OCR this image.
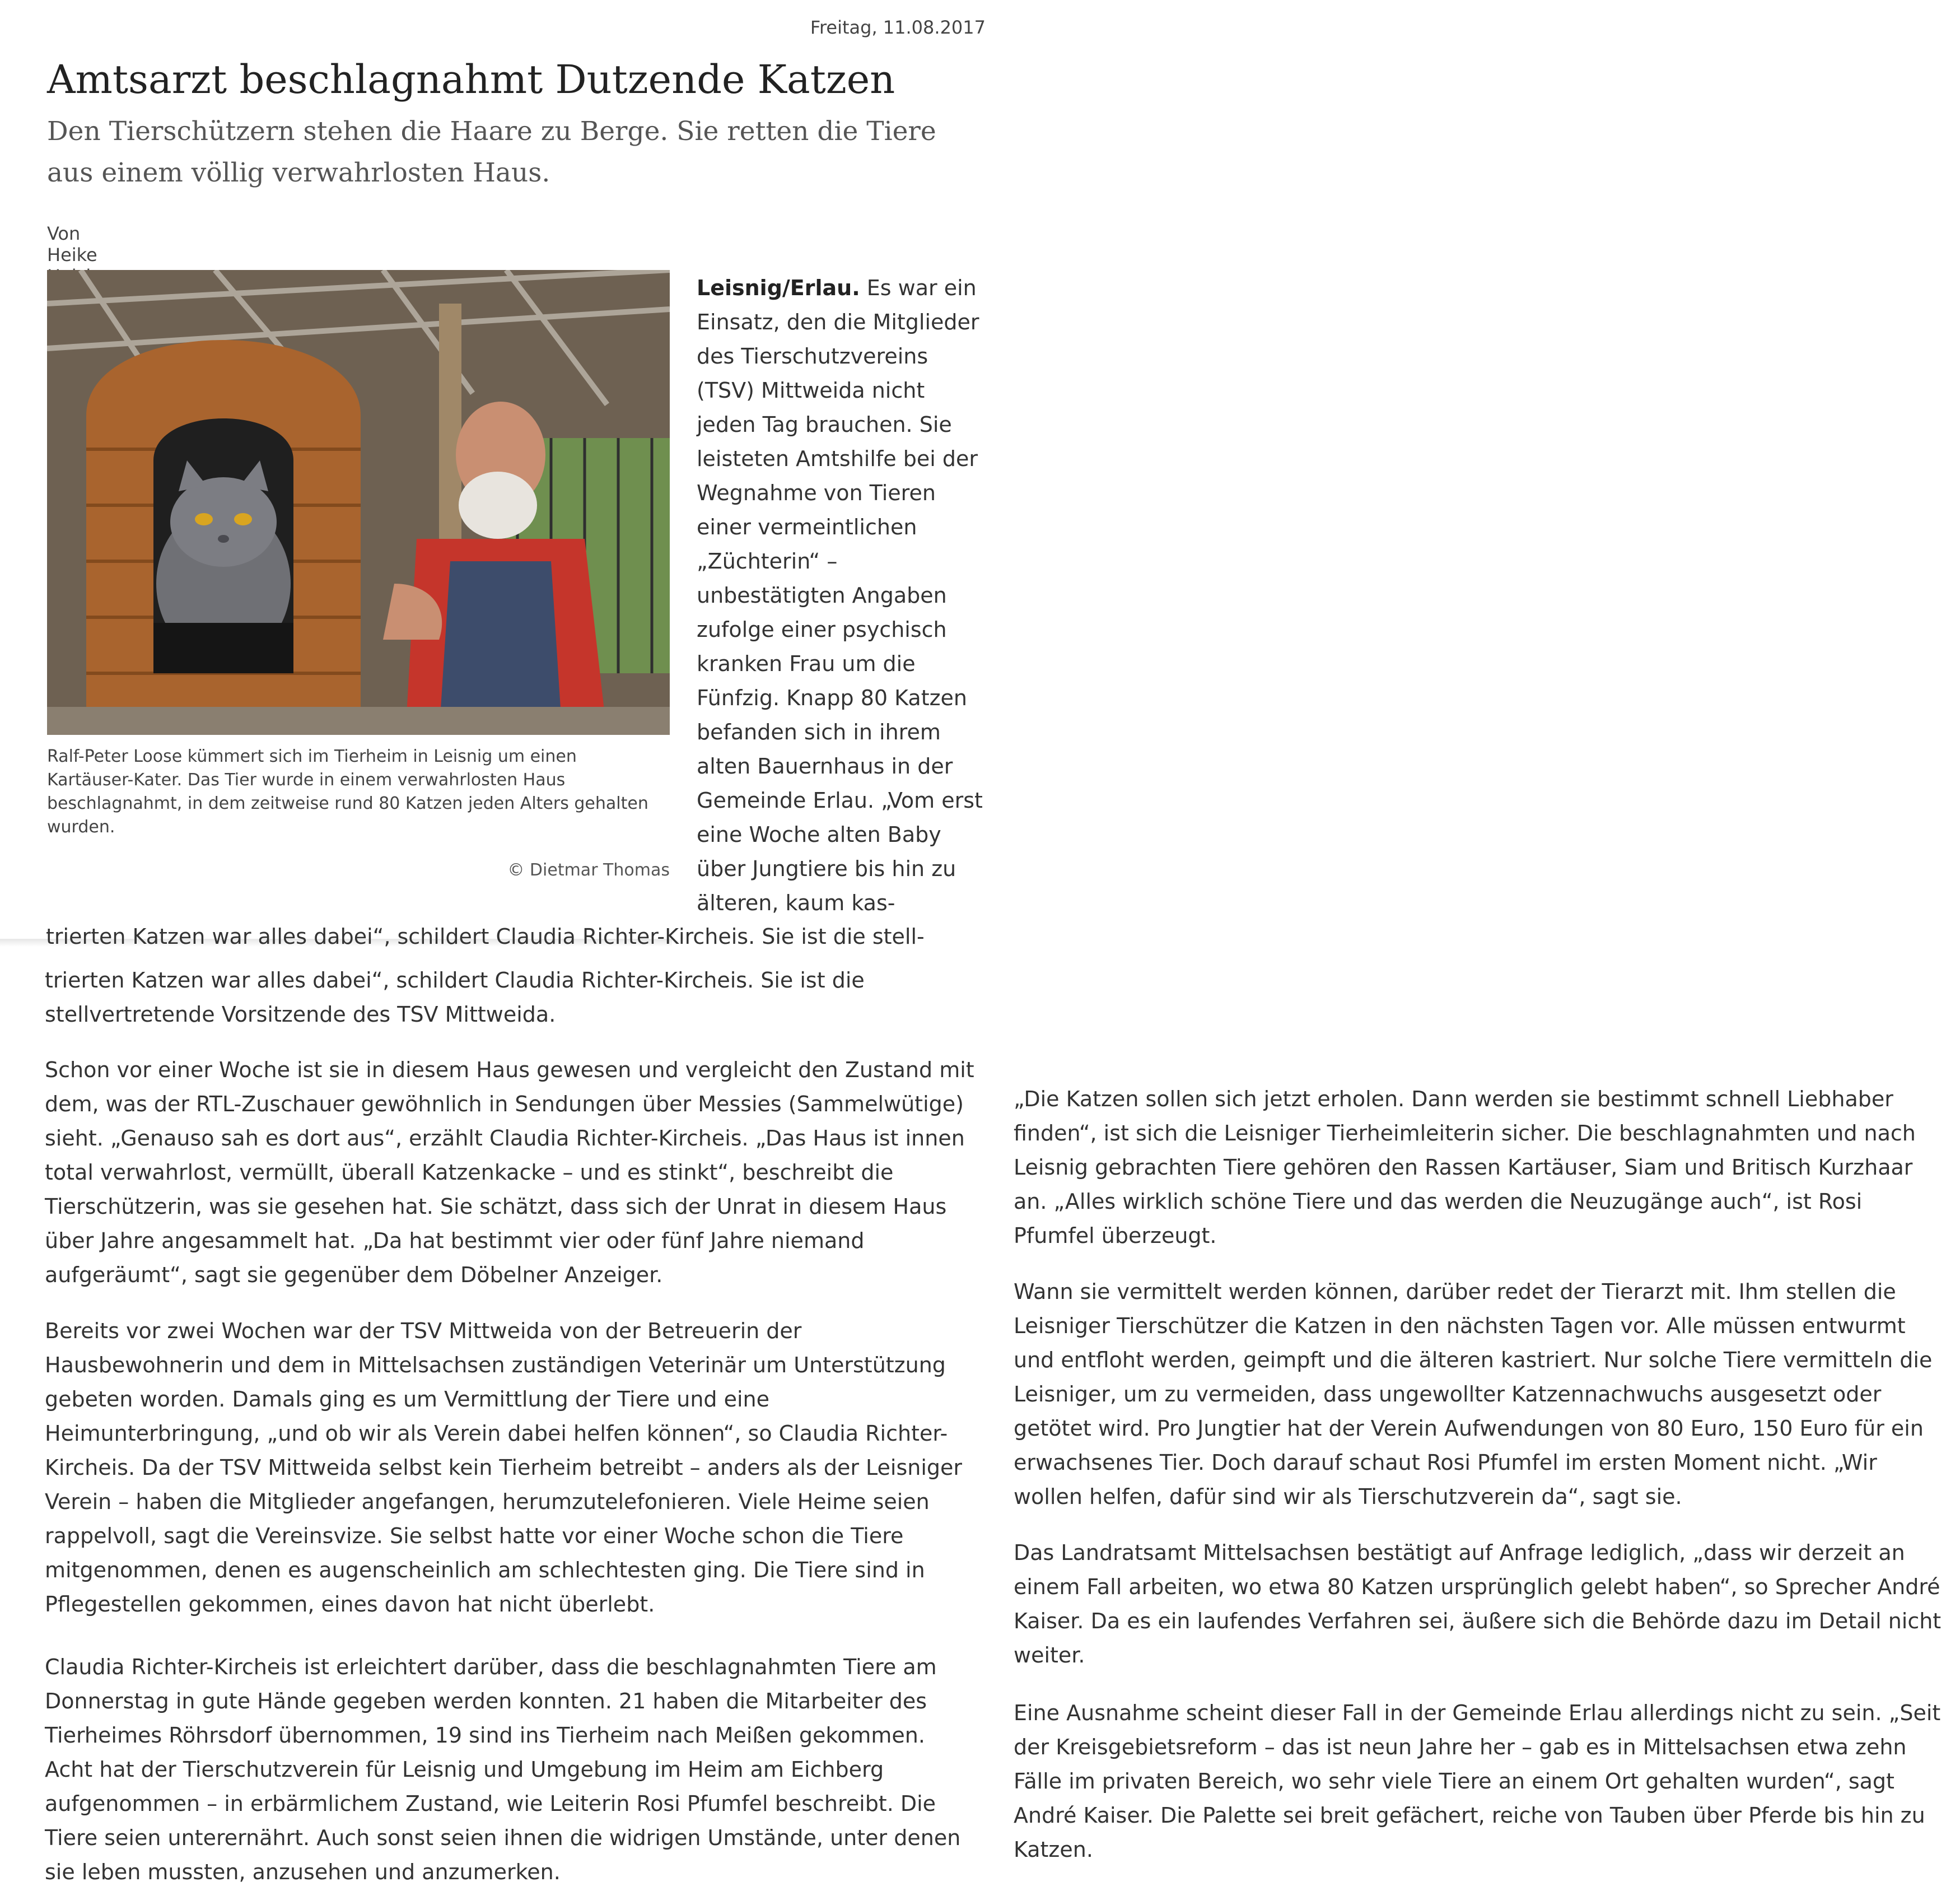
Freitag, 11.08.2017
Amtsarzt beschlagnahmt Dutzende Katzen
Den Tierschützern stehen die Haare zu Berge. Sie retten die Tiere aus einem völlig verwahrlosten Haus.
Von Heike
Ralf-Peter Loose kümmert sich im Tierheim in Leisnig um einen Kartäuser-Kater. Das Tier wurde in einem verwahrlosten Haus beschlagnahmt, in dem zeitweise rund 80 Katzen jeden Alters gehalten wurden.
© Dietmar Thomas
Leisnig/Erlau. Es war ein Einsatz, den die Mitglieder des Tierschutzvereins (TSV) Mittweida nicht jeden Tag brauchen. Sie leisteten Amtshilfe bei der Wegnahme von Tieren einer vermeintlichen „Züchterin“ – unbestätigten Angaben zufolge einer psychisch kranken Frau um die Fünfzig. Knapp 80 Katzen befanden sich in ihrem alten Bauernhaus in der Gemeinde Erlau. „Vom erst eine Woche alten Baby über Jungtiere bis hin zu älteren, kaum kas-
trierten Katzen war alles dabei“, schildert Claudia Richter-Kircheis. Sie ist die stell-

trierten Katzen war alles dabei“, schildert Claudia Richter-Kircheis. Sie ist die stellvertretende Vorsitzende des TSV Mittweida.

Schon vor einer Woche ist sie in diesem Haus gewesen und vergleicht den Zustand mit dem, was der RTL-Zuschauer gewöhnlich in Sendungen über Messies (Sammelwütige) sieht. „Genauso sah es dort aus“, erzählt Claudia Richter-Kircheis. „Das Haus ist innen total verwahrlost, vermüllt, überall Katzenkacke – und es stinkt“, beschreibt die Tierschützerin, was sie gesehen hat. Sie schätzt, dass sich der Unrat in diesem Haus über Jahre angesammelt hat. „Da hat bestimmt vier oder fünf Jahre niemand aufgeräumt“, sagt sie gegenüber dem Döbelner Anzeiger.

Bereits vor zwei Wochen war der TSV Mittweida von der Betreuerin der Hausbewohnerin und dem in Mittelsachsen zuständigen Veterinär um Unterstützung gebeten worden. Damals ging es um Vermittlung der Tiere und eine Heimunterbringung, „und ob wir als Verein dabei helfen können“, so Claudia Richter-Kircheis. Da der TSV Mittweida selbst kein Tierheim betreibt – anders als der Leisniger Verein – haben die Mitglieder angefangen, herumzutelefonieren. Viele Heime seien rappelvoll, sagt die Vereinsvize. Sie selbst hatte vor einer Woche schon die Tiere mitgenommen, denen es augenscheinlich am schlechtesten ging. Die Tiere sind in Pflegestellen gekommen, eines davon hat nicht überlebt.

Claudia Richter-Kircheis ist erleichtert darüber, dass die beschlagnahmten Tiere am Donnerstag in gute Hände gegeben werden konnten. 21 haben die Mitarbeiter des Tierheimes Röhrsdorf übernommen, 19 sind ins Tierheim nach Meißen gekommen. Acht hat der Tierschutzverein für Leisnig und Umgebung im Heim am Eichberg aufgenommen – in erbärmlichem Zustand, wie Leiterin Rosi Pfumfel beschreibt. Die Tiere seien unterernährt. Auch sonst seien ihnen die widrigen Umstände, unter denen sie leben mussten, anzusehen und anzumerken.

„Die Katzen sollen sich jetzt erholen. Dann werden sie bestimmt schnell Liebhaber finden“, ist sich die Leisniger Tierheimleiterin sicher. Die beschlagnahmten und nach Leisnig gebrachten Tiere gehören den Rassen Kartäuser, Siam und Britisch Kurzhaar an. „Alles wirklich schöne Tiere und das werden die Neuzugänge auch“, ist Rosi Pfumfel überzeugt.

Wann sie vermittelt werden können, darüber redet der Tierarzt mit. Ihm stellen die Leisniger Tierschützer die Katzen in den nächsten Tagen vor. Alle müssen entwurmt und entfloht werden, geimpft und die älteren kastriert. Nur solche Tiere vermitteln die Leisniger, um zu vermeiden, dass ungewollter Katzennachwuchs ausgesetzt oder getötet wird. Pro Jungtier hat der Verein Aufwendungen von 80 Euro, 150 Euro für ein erwachsenes Tier. Doch darauf schaut Rosi Pfumfel im ersten Moment nicht. „Wir wollen helfen, dafür sind wir als Tierschutzverein da“, sagt sie.

Das Landratsamt Mittelsachsen bestätigt auf Anfrage lediglich, „dass wir derzeit an einem Fall arbeiten, wo etwa 80 Katzen ursprünglich gelebt haben“, so Sprecher André Kaiser. Da es ein laufendes Verfahren sei, äußere sich die Behörde dazu im Detail nicht weiter.

Eine Ausnahme scheint dieser Fall in der Gemeinde Erlau allerdings nicht zu sein. „Seit der Kreisgebietsreform – das ist neun Jahre her – gab es in Mittelsachsen etwa zehn Fälle im privaten Bereich, wo sehr viele Tiere an einem Ort gehalten wurden“, sagt André Kaiser. Die Palette sei breit gefächert, reiche von Tauben über Pferde bis hin zu Katzen.
